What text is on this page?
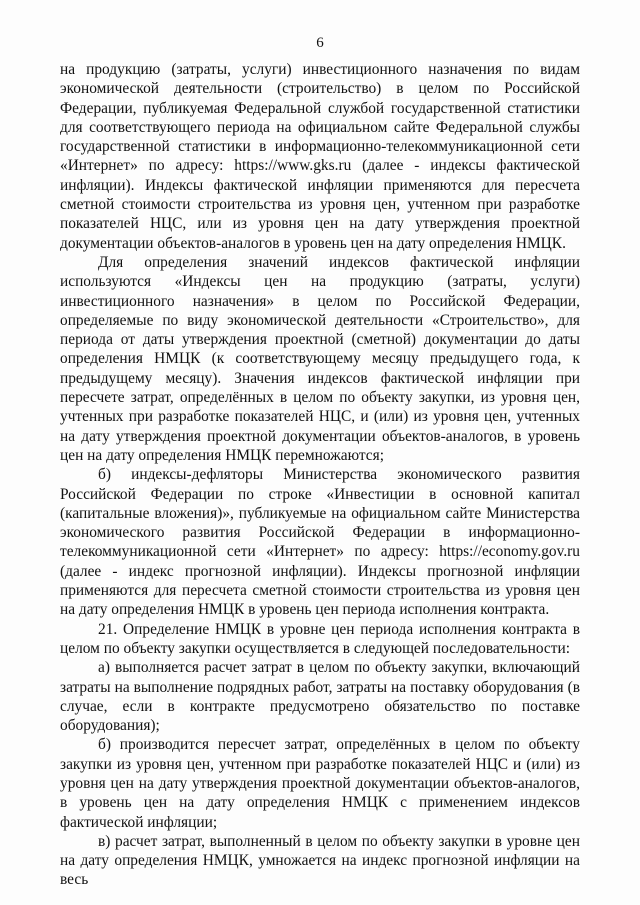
6

на продукцию (затраты, услуги) инвестиционного назначения по видам экономической деятельности (строительство) в целом по Российской Федерации, публикуемая Федеральной службой государственной статистики для соответствующего периода на официальном сайте Федеральной службы государственной статистики в информационно-телекоммуникационной сети «Интернет» по адресу: https://www.gks.ru (далее - индексы фактической инфляции). Индексы фактической инфляции применяются для пересчета сметной стоимости строительства из уровня цен, учтенном при разработке показателей НЦС, или из уровня цен на дату утверждения проектной документации объектов-аналогов в уровень цен на дату определения НМЦК.

Для определения значений индексов фактической инфляции используются «Индексы цен на продукцию (затраты, услуги) инвестиционного назначения» в целом по Российской Федерации, определяемые по виду экономической деятельности «Строительство», для периода от даты утверждения проектной (сметной) документации до даты определения НМЦК (к соответствующему месяцу предыдущего года, к предыдущему месяцу). Значения индексов фактической инфляции при пересчете затрат, определённых в целом по объекту закупки, из уровня цен, учтенных при разработке показателей НЦС, и (или) из уровня цен, учтенных на дату утверждения проектной документации объектов-аналогов, в уровень цен на дату определения НМЦК перемножаются;

б) индексы-дефляторы Министерства экономического развития Российской Федерации по строке «Инвестиции в основной капитал (капитальные вложения)», публикуемые на официальном сайте Министерства экономического развития Российской Федерации в информационно-телекоммуникационной сети «Интернет» по адресу: https://economy.gov.ru (далее - индекс прогнозной инфляции). Индексы прогнозной инфляции применяются для пересчета сметной стоимости строительства из уровня цен на дату определения НМЦК в уровень цен периода исполнения контракта.

21. Определение НМЦК в уровне цен периода исполнения контракта в целом по объекту закупки осуществляется в следующей последовательности:

а) выполняется расчет затрат в целом по объекту закупки, включающий затраты на выполнение подрядных работ, затраты на поставку оборудования (в случае, если в контракте предусмотрено обязательство по поставке оборудования);

б) производится пересчет затрат, определённых в целом по объекту закупки из уровня цен, учтенном при разработке показателей НЦС и (или) из уровня цен на дату утверждения проектной документации объектов-аналогов, в уровень цен на дату определения НМЦК с применением индексов фактической инфляции;

в) расчет затрат, выполненный в целом по объекту закупки в уровне цен на дату определения НМЦК, умножается на индекс прогнозной инфляции на весь
